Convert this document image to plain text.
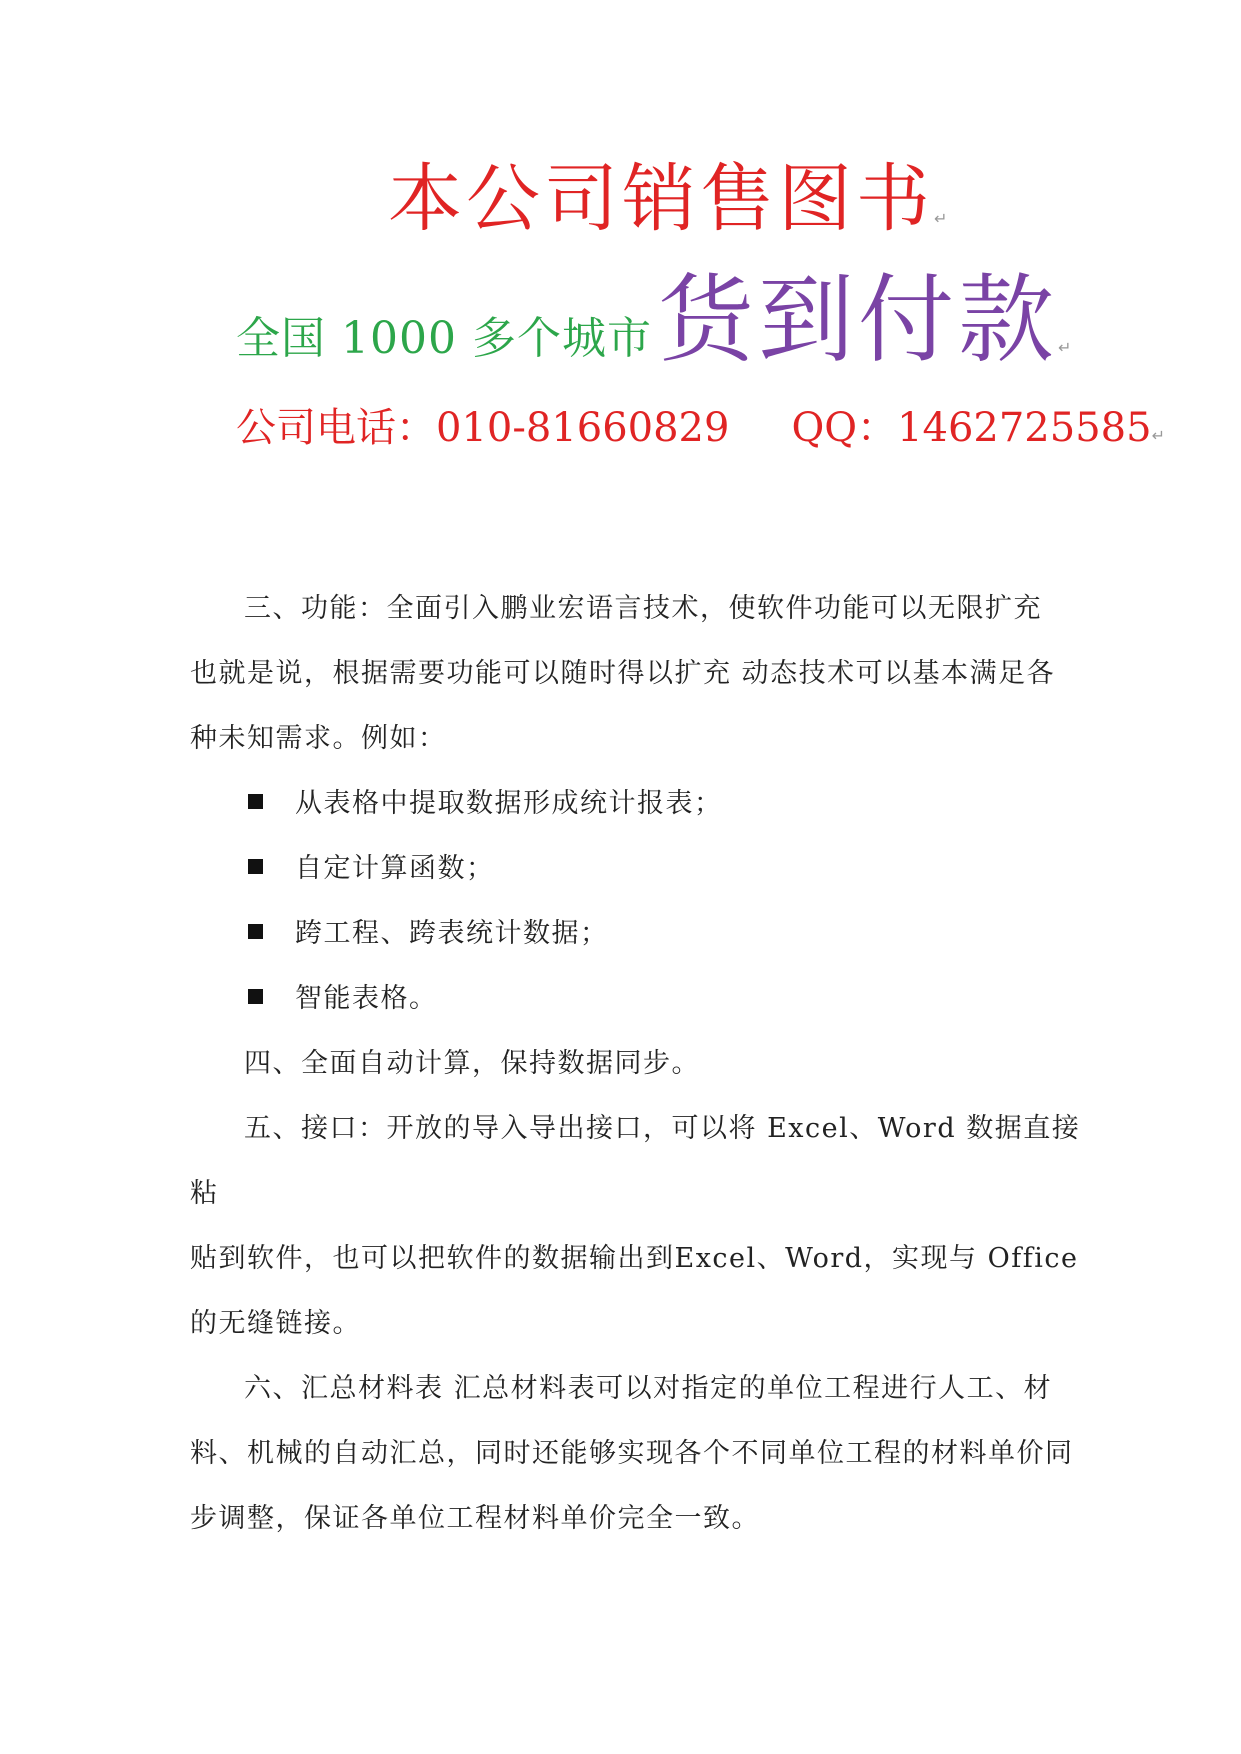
本公司销售图书↵
全国 1000 多个城市货到付款↵
公司电话：010-81660829 QQ：1462725585↵

三、功能：全面引入鹏业宏语言技术，使软件功能可以无限扩充

也就是说，根据需要功能可以随时得以扩充 动态技术可以基本满足各

种未知需求。例如：

从表格中提取数据形成统计报表；

自定计算函数；

跨工程、跨表统计数据；

智能表格。

四、全面自动计算，保持数据同步。

五、接口：开放的导入导出接口，可以将 Excel、Word 数据直接粘

贴到软件，也可以把软件的数据输出到Excel、Word，实现与 Office

的无缝链接。

六、汇总材料表 汇总材料表可以对指定的单位工程进行人工、材

料、机械的自动汇总，同时还能够实现各个不同单位工程的材料单价同

步调整，保证各单位工程材料单价完全一致。
